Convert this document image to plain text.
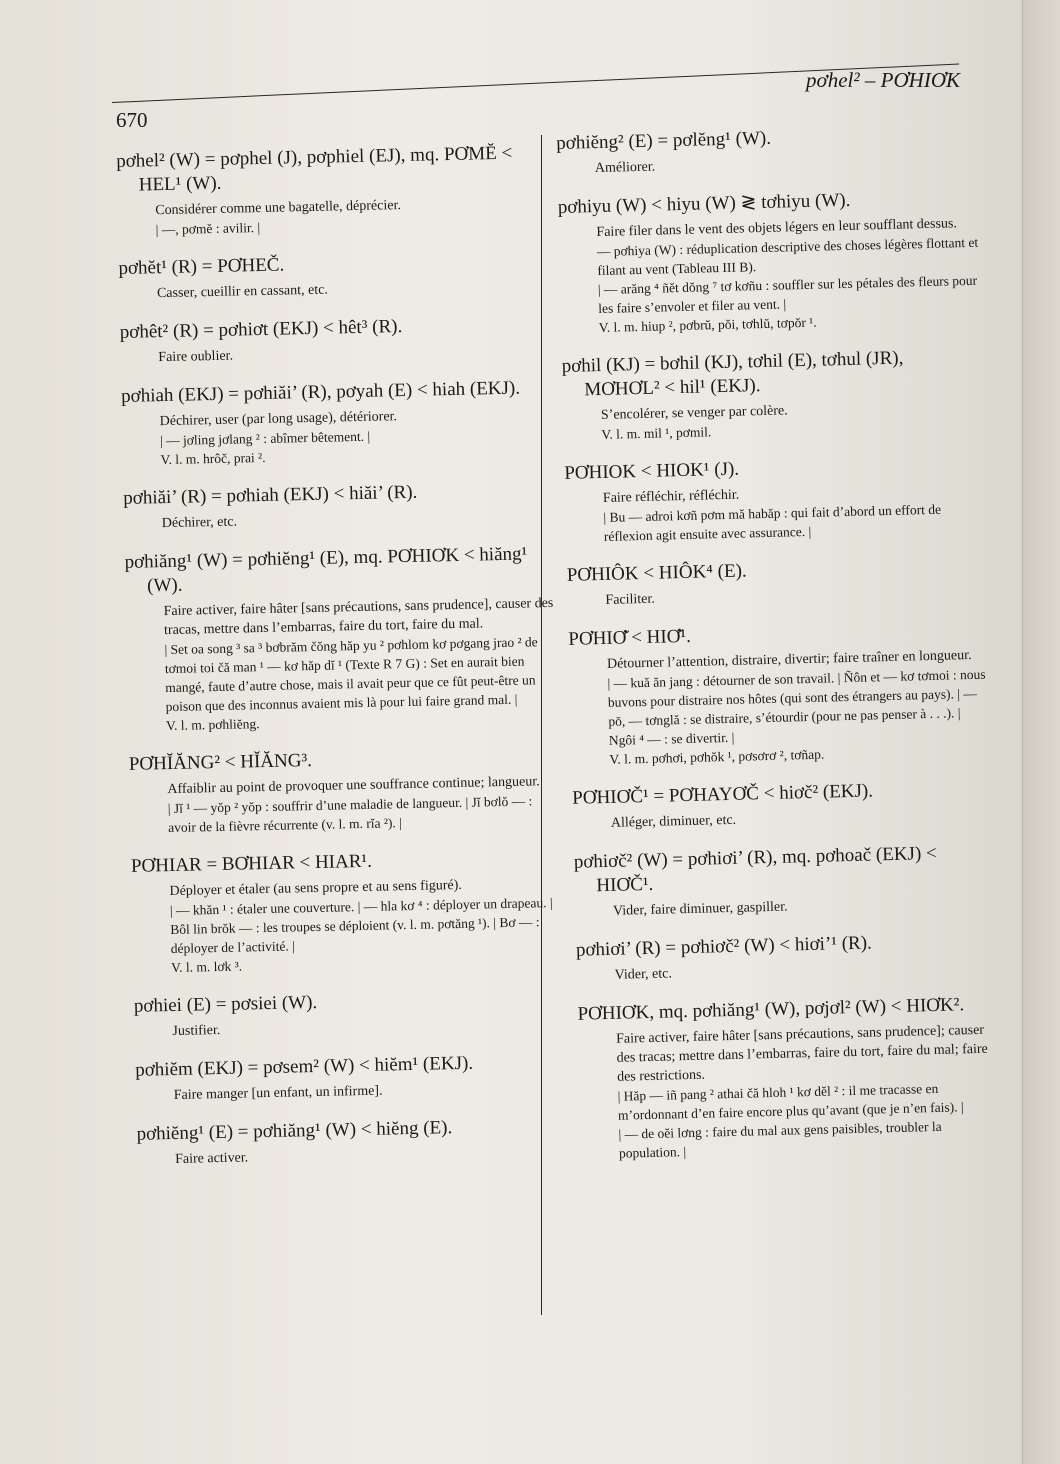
pơhel² – PƠHIƠK
670
pơhel² (W) = pơphel (J), pơphiel (EJ), mq. PƠMĔ < HEL¹ (W).
Considérer comme une bagatelle, déprécier.
| —, pơmĕ : avilir. |
pơhĕt¹ (R) = PƠHEČ.
Casser, cueillir en cassant, etc.
pơhêt² (R) = pơhiơt (EKJ) < hêt³ (R).
Faire oublier.
pơhiah (EKJ) = pơhiăi’ (R), pơyah (E) < hiah (EKJ).
Déchirer, user (par long usage), détériorer.
| — jơling jơlang ² : abîmer bêtement. |
V. l. m. hrôč, prai ².
pơhiăi’ (R) = pơhiah (EKJ) < hiăi’ (R).
Déchirer, etc.
pơhiăng¹ (W) = pơhiĕng¹ (E), mq. PƠHIƠK < hiăng¹ (W).
Faire activer, faire hâter [sans précautions, sans prudence], causer des tracas, mettre dans l’embarras, faire du tort, faire du mal.
| Set oa song ³ sa ³ bơbrăm čŏng hăp yu ² pơhlom kơ pơgang jrao ² de tơmoi toi čă man ¹ — kơ hăp dĭ ¹ (Texte R 7 G) : Set en aurait bien mangé, faute d’autre chose, mais il avait peur que ce fût peut-être un poison que des inconnus avaient mis là pour lui faire grand mal. |
V. l. m. pơhliĕng.
PƠHĬĂNG² < HĬĂNG³.
Affaiblir au point de provoquer une souffrance continue; langueur.
| Jĭ ¹ — yŏp ² yŏp : souffrir d’une maladie de langueur. | Jĭ bơlŏ — : avoir de la fièvre récurrente (v. l. m. rĭa ²). |
PƠHIAR = BƠHIAR < HIAR¹.
Déployer et étaler (au sens propre et au sens figuré).
| — khăn ¹ : étaler une couverture. | — hla kơ ⁴ : déployer un drapeau. | Bôl lin brŏk — : les troupes se déploient (v. l. m. pơtăng ¹). | Bơ — : déployer de l’activité. |
V. l. m. lơk ³.
pơhiei (E) = pơsiei (W).
Justifier.
pơhiĕm (EKJ) = pơsem² (W) < hiĕm¹ (EKJ).
Faire manger [un enfant, un infirme].
pơhiĕng¹ (E) = pơhiăng¹ (W) < hiĕng (E).
Faire activer.
pơhiĕng² (E) = pơlĕng¹ (W).
Améliorer.
pơhiyu (W) < hiyu (W) ≷ tơhiyu (W).
Faire filer dans le vent des objets légers en leur soufflant dessus.
— pơhiya (W) : réduplication descriptive des choses légères flottant et filant au vent (Tableau III B).
| — arăng ⁴ ñĕt dŏng ⁷ tơ kơñu : souffler sur les pétales des fleurs pour les faire s’envoler et filer au vent. |
V. l. m. hiup ², pơbrŭ, pŏi, tơhlŭ, tơpŏr ¹.
pơhil (KJ) = bơhil (KJ), tơhil (E), tơhul (JR), MƠHƠL² < hil¹ (EKJ).
S’encolérer, se venger par colère.
V. l. m. mil ¹, pơmil.
PƠHIOK < HIOK¹ (J).
Faire réfléchir, réfléchir.
| Bu — adroi kơñ pơm mă habăp : qui fait d’abord un effort de réflexion agit ensuite avec assurance. |
PƠHIÔK < HIÔK⁴ (E).
Faciliter.
PƠHIƠ̆ < HIƠ̆¹.
Détourner l’attention, distraire, divertir; faire traîner en longueur.
| — kuă ăn jang : détourner de son travail. | Ñôn et — kơ tơmoi : nous buvons pour distraire nos hôtes (qui sont des étrangers au pays). | — pō, — tơnglă : se distraire, s’étourdir (pour ne pas penser à . . .). | Ngôi ⁴ — : se divertir. |
V. l. m. pơhơi, pơhŏk ¹, pơsơrơ ², tơñap.
PƠHIƠČ¹ = PƠHAYƠČ < hiơč² (EKJ).
Alléger, diminuer, etc.
pơhiơč² (W) = pơhiơi’ (R), mq. pơhoač (EKJ) < HIƠČ¹.
Vider, faire diminuer, gaspiller.
pơhiơi’ (R) = pơhiơč² (W) < hiơi’¹ (R).
Vider, etc.
PƠHIƠK, mq. pơhiăng¹ (W), pơjơl² (W) < HIƠK².
Faire activer, faire hâter [sans précautions, sans prudence]; causer des tracas; mettre dans l’embarras, faire du tort, faire du mal; faire des restrictions.
| Hăp — iñ pang ² athai čă hloh ¹ kơ dĕl ² : il me tracasse en m’ordonnant d’en faire encore plus qu’avant (que je n’en fais). |
| — de oĕi lơng : faire du mal aux gens paisibles, troubler la population. |
